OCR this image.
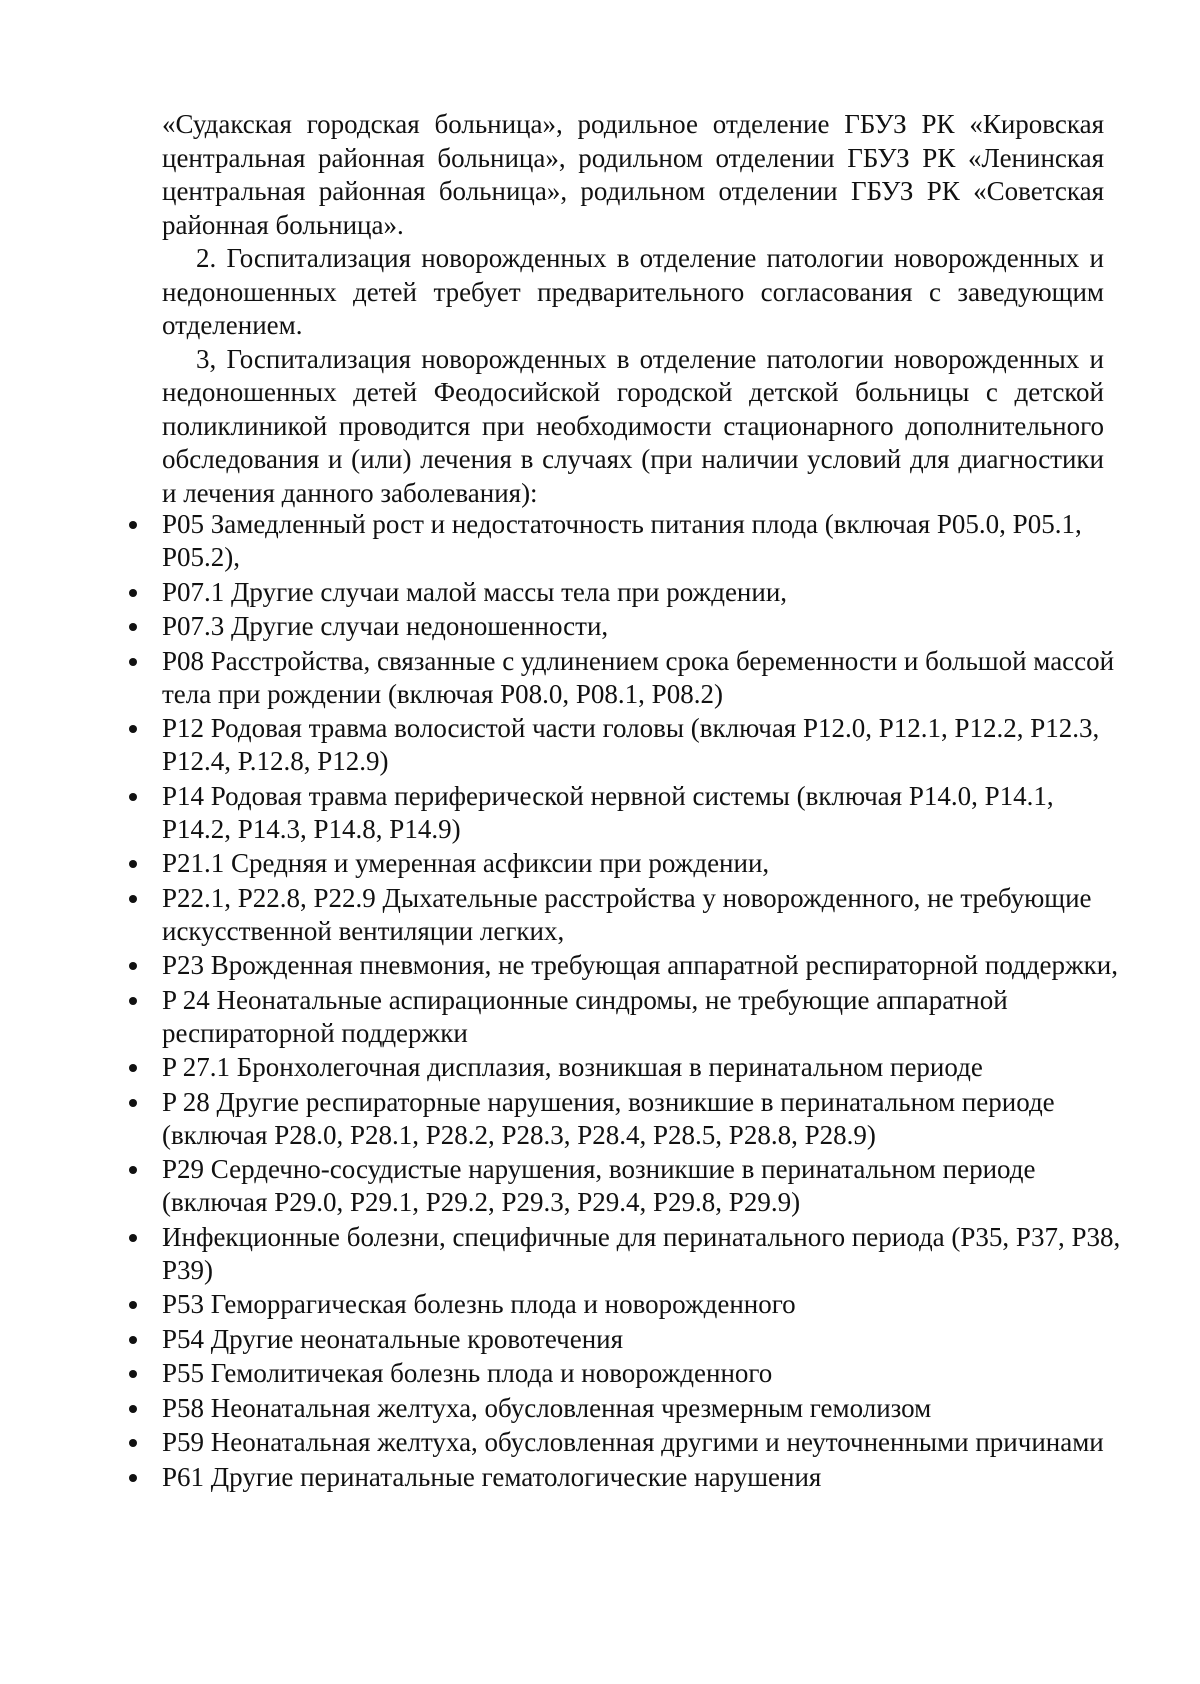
«Судакская городская больница», родильное отделение ГБУЗ РК «Кировская центральная районная больница», родильном отделении ГБУЗ РК «Ленинская центральная районная больница», родильном отделении ГБУЗ РК «Советская районная больница».

2. Госпитализация новорожденных в отделение патологии новорожденных и недоношенных детей требует предварительного согласования с заведующим отделением.

3, Госпитализация новорожденных в отделение патологии новорожденных и недоношенных детей Феодосийской городской детской больницы с детской поликлиникой проводится при необходимости стационарного дополнительного обследования и (или) лечения в случаях (при наличии условий для диагностики и лечения данного заболевания):

P05 Замедленный рост и недостаточность питания плода (включая P05.0, P05.1, P05.2),
P07.1 Другие случаи малой массы тела при рождении,
P07.3 Другие случаи недоношенности,
P08 Расстройства, связанные с удлинением срока беременности и большой массой тела при рождении (включая P08.0, P08.1, P08.2)
P12 Родовая травма волосистой части головы (включая P12.0, P12.1, P12.2, P12.3, P12.4, P.12.8, P12.9)
P14 Родовая травма периферической нервной системы (включая P14.0, P14.1, P14.2, P14.3, P14.8, P14.9)
P21.1 Средняя и умеренная асфиксии при рождении,
P22.1, P22.8, P22.9 Дыхательные расстройства у новорожденного, не требующие искусственной вентиляции легких,
P23 Врожденная пневмония, не требующая аппаратной респираторной поддержки,
P 24 Неонатальные аспирационные синдромы, не требующие аппаратной респираторной поддержки
P 27.1 Бронхолегочная дисплазия, возникшая в перинатальном периоде
P 28 Другие респираторные нарушения, возникшие в перинатальном периоде (включая P28.0, P28.1, P28.2, P28.3, P28.4, P28.5, P28.8, P28.9)
P29 Сердечно-сосудистые нарушения, возникшие в перинатальном периоде (включая P29.0, P29.1, P29.2, P29.3, P29.4, P29.8, P29.9)
Инфекционные болезни, специфичные для перинатального периода (P35, P37, P38, P39)
P53 Геморрагическая болезнь плода и новорожденного
P54 Другие неонатальные кровотечения
P55 Гемолитичекая болезнь плода и новорожденного
P58 Неонатальная желтуха, обусловленная чрезмерным гемолизом
P59 Неонатальная желтуха, обусловленная другими и неуточненными причинами
P61 Другие перинатальные гематологические нарушения
